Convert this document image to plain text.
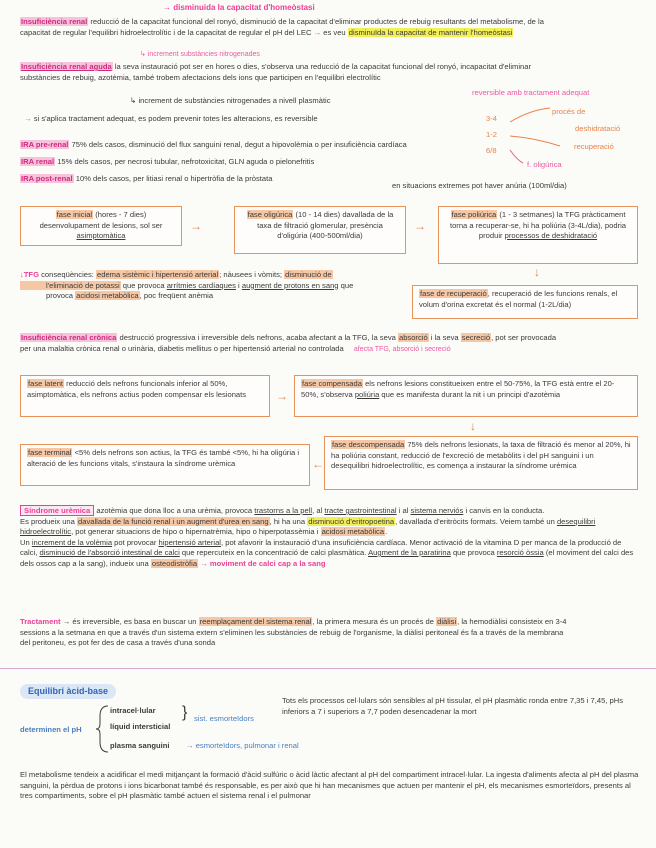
→ disminuida la capacitat d'homeòstasi
Insuficiència renal reducció de la capacitat funcional del ronyó, disminució de la capacitat d'eliminar productes de rebuig resultants del metabolisme, de la
capacitat de regular l'equilibri hidroelectrolític i de la capacitat de regular el pH del LEC → es veu disminuïda la capacitat de mantenir l'homeòstasi
↳ increment substàncies nitrogenades
Insuficiència renal aguda la seva instauració pot ser en hores o dies, s'observa una reducció de la capacitat funcional del ronyó, incapacitat d'eliminar
substàncies de rebuig, azotèmia, també trobem afectacions dels ions que participen en l'equilibri electrolític
↳ increment de substàncies nitrogenades a nivell plasmàtic
→ si s'aplica tractament adequat, es podem prevenir totes les alteracions, es reversible
reversible amb tractament adequat
3-4
1-2
6/8
procés de
deshidratació
recuperació
f. oligúrica
IRA pre-renal 75% dels casos, disminució del flux sanguini renal, degut a hipovolèmia o per insuficiència cardíaca
IRA renal 15% dels casos, per necrosi tubular, nefrotoxicitat, GLN aguda o pielonefritis
IRA post-renal 10% dels casos, per litiasi renal o hipertròfia de la pròstata
en situacions extremes pot haver anúria (100ml/dia)
fase inicial (hores - 7 dies) desenvolupament de lesions, sol ser asimptomàtica
→
fase oligúrica (10 - 14 dies) davallada de la taxa de filtració glomerular, presència d'oligúria (400-500ml/dia)
→
fase poliúrica (1 - 3 setmanes) la TFG pràcticament torna a recuperar-se, hi ha poliúria (3-4L/dia), podria produir processos de deshidratació
↓
fase de recuperació, recuperació de les funcions renals, el volum d'orina excretat és el normal (1-2L/dia)
↓TFG conseqüències: edema sistèmic i hipertensió arterial; nàusees i vòmits; disminució de
l'eliminació de potassi que provoca arrítmies cardíaques i augment de protons en sang que
provoca acidosi metabòlica, poc freqüent anèmia
Insuficiència renal crònica destrucció progressiva i irreversible dels nefrons, acaba afectant a la TFG, la seva absorció i la seva secreció, pot ser provocada
per una malaltia crònica renal o urinària, diabetis mellitus o per hipertensió arterial no controlada afecta TFG, absorció i secreció
fase latent reducció dels nefrons funcionals inferior al 50%, asimptomàtica, els nefrons actius poden compensar els lesionats	→
fase compensada els nefrons lesions constitueixen entre el 50-75%, la TFG està entre el 20-50%, s'observa poliúria que es manifesta durant la nit i un principi d'azotèmia
↓
fase terminal <5% dels nefrons son actius, la TFG és també <5%, hi ha oligúria i alteració de les funcions vitals, s'instaura la síndrome urèmica	←
fase descompensada 75% dels nefrons lesionats, la taxa de filtració és menor al 20%, hi ha poliúria constant, reducció de l'excreció de metabòlits i del pH sanguini i un desequilibri hidroelectrolític, es comença a instaurar la síndrome urèmica
Síndrome urèmica azotèmia que dona lloc a una urèmia, provoca trastorns a la pell, al tracte gastrointestinal i al sistema nerviós i canvis en la conducta.
Es produeix una davallada de la funció renal i un augment d'urea en sang, hi ha una disminució d'eritropoetina, davallada d'eritròcits formats. Veiem també un desequilibri hidroelectrolític, pot generar situacions de hipo o hipernatrèmia, hipo o hiperpotassèmia i acidosi metabòlica.
Un increment de la volèmia pot provocar hipertensió arterial, pot afavorir la instauració d'una insuficiència cardíaca. Menor activació de la vitamina D per manca de la producció de calci, disminució de l'absorció intestinal de calci que repercuteix en la concentració de calci plasmàtica. Augment de la paratirina que provoca resorció òssia (el moviment del calci des dels ossos cap a la sang), indueix una osteodistròfia → moviment de calci cap a la sang
Tractament → és irreversible, es basa en buscar un reemplaçament del sistema renal, la primera mesura és un procés de diàlisi, la hemodiàlisi consisteix en 3-4
sessions a la setmana en que a través d'un sistema extern s'eliminen les substàncies de rebuig de l'organisme, la diàlisi peritoneal és fa a través de la membrana
del peritoneu, es pot fer des de casa a través d'una sonda
Equilibri àcid-base
determinen el pH
intracel·lular
líquid intersticial
plasma sanguini
} sist. esmorteïdors
→ esmorteïdors, pulmonar i renal
Tots els processos cel·lulars són sensibles al pH tissular, el pH plasmàtic ronda entre 7,35 i 7,45, pHs inferiors a 7 i superiors a 7,7 poden desencadenar la mort
El metabolisme tendeix a acidificar el medi mitjançant la formació d'àcid sulfúric o àcid làctic afectant al pH del compartiment intracel·lular. La ingesta d'aliments afecta al pH del plasma sanguini, la pèrdua de protons i ions bicarbonat també és responsable, es per això que hi han mecanismes que actuen per mantenir el pH, els mecanismes esmorteïdors, presents al tres compartiments, sobre el pH plasmàtic també actuen el sistema renal i el pulmonar
